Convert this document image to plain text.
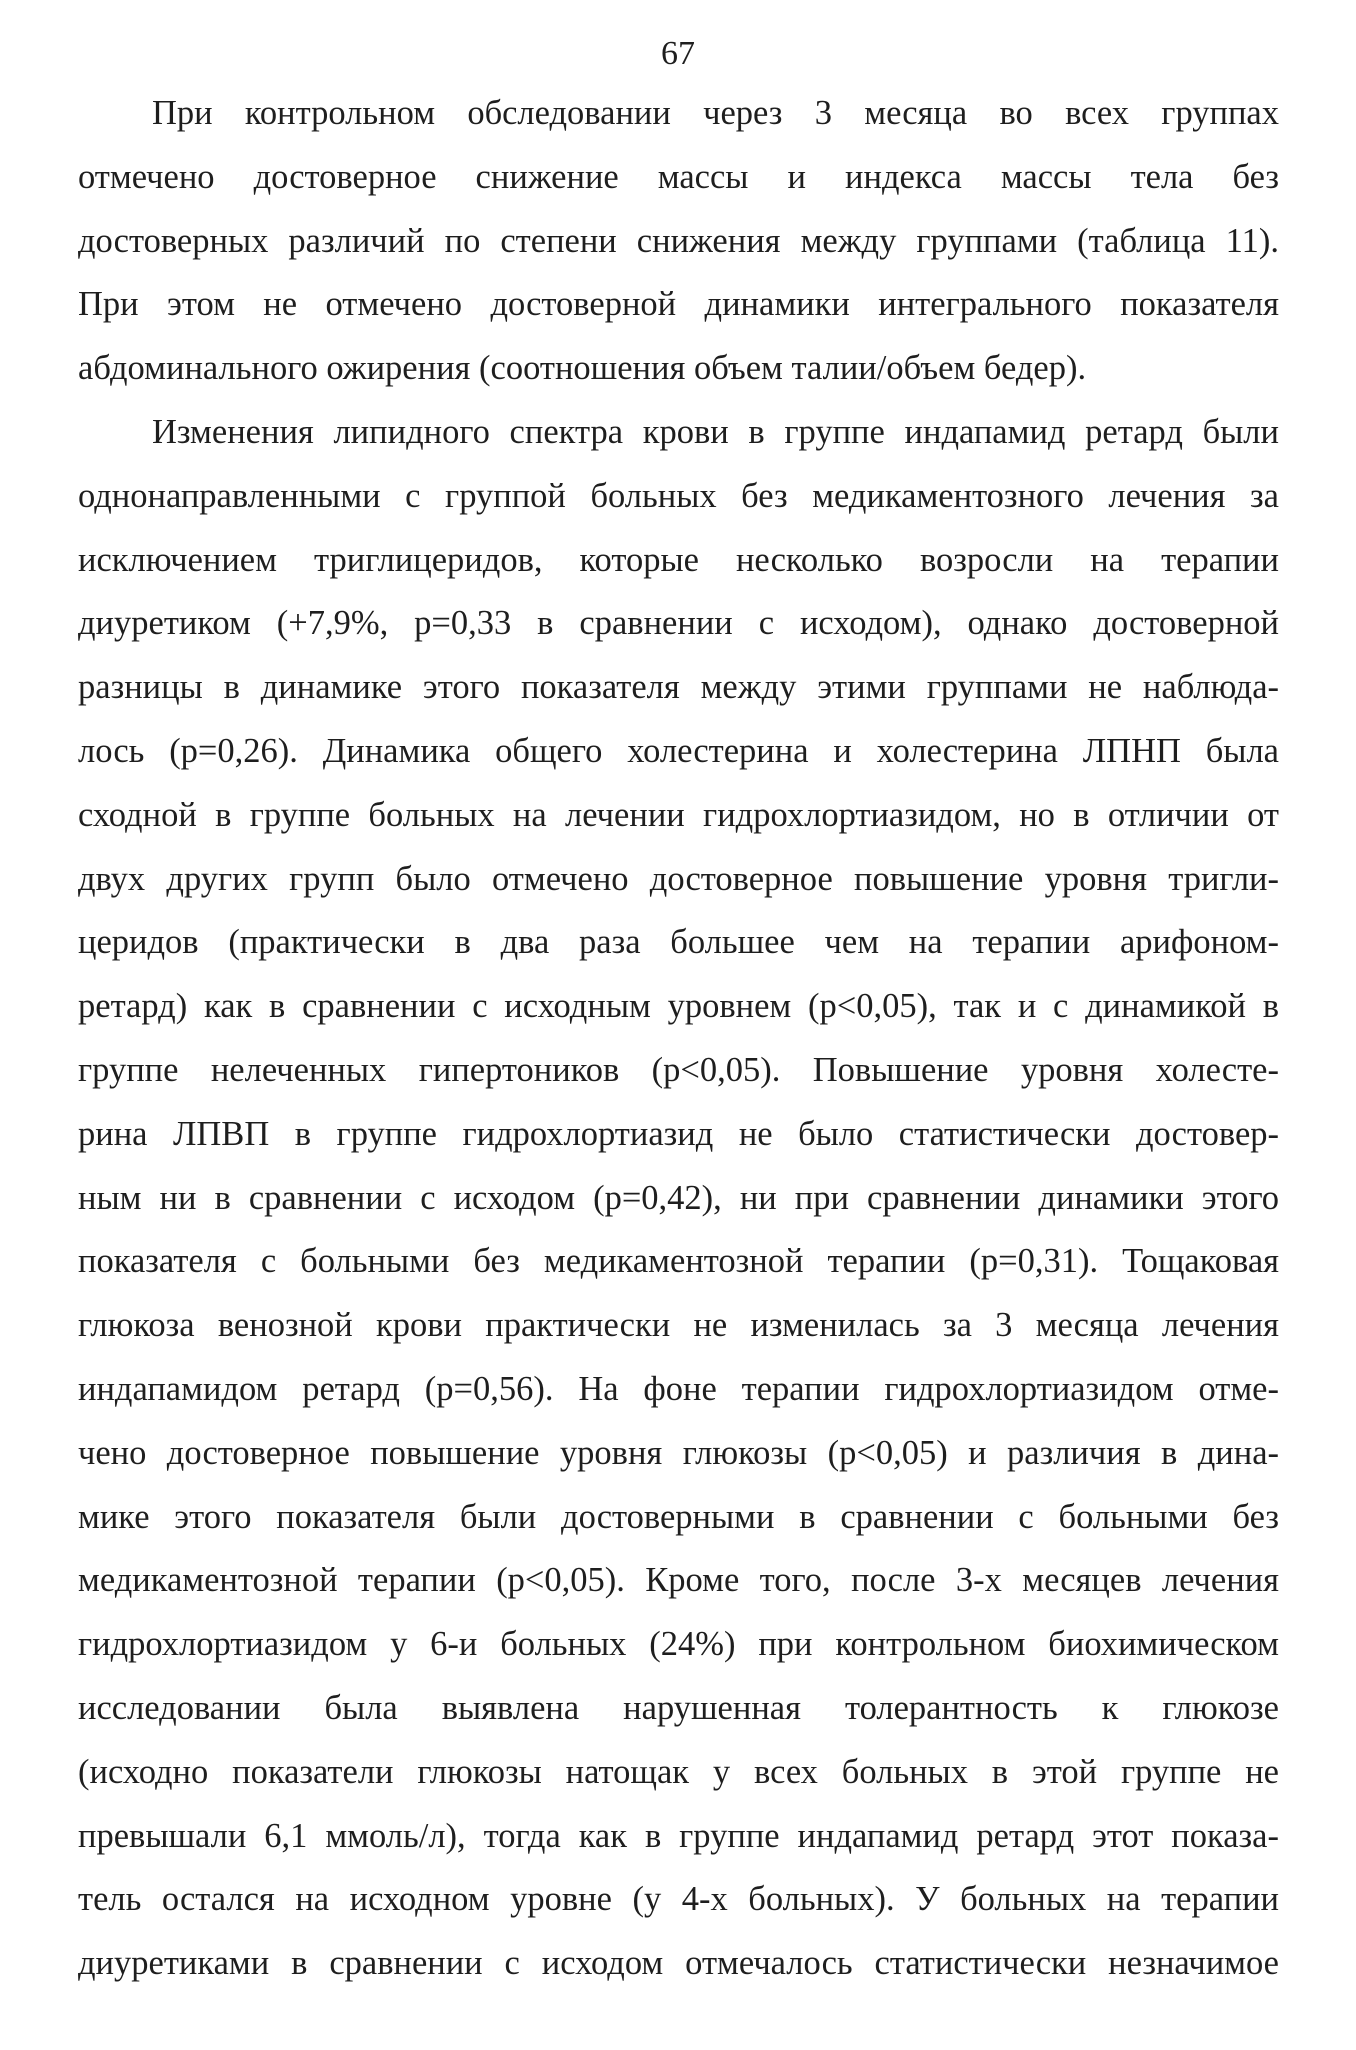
67
При контрольном обследовании через 3 месяца во всех группах
отмечено достоверное снижение массы и индекса массы тела без
достоверных различий по степени снижения между группами (таблица 11).
При этом не отмечено достоверной динамики интегрального показателя
абдоминального ожирения (соотношения объем талии/объем бедер).
Изменения липидного спектра крови в группе индапамид ретард были
однонаправленными с группой больных без медикаментозного лечения за
исключением триглицеридов, которые несколько возросли на терапии
диуретиком (+7,9%, р=0,33 в сравнении с исходом), однако достоверной
разницы в динамике этого показателя между этими группами не наблюда-
лось (р=0,26). Динамика общего холестерина и холестерина ЛПНП была
сходной в группе больных на лечении гидрохлортиазидом, но в отличии от
двух других групп было отмечено достоверное повышение уровня тригли-
церидов (практически в два раза большее чем на терапии арифоном-
ретард) как в сравнении с исходным уровнем (р<0,05), так и с динамикой в
группе нелеченных гипертоников (р<0,05). Повышение уровня холесте-
рина ЛПВП в группе гидрохлортиазид не было статистически достовер-
ным ни в сравнении с исходом (р=0,42), ни при сравнении динамики этого
показателя с больными без медикаментозной терапии (р=0,31). Тощаковая
глюкоза венозной крови практически не изменилась за 3 месяца лечения
индапамидом ретард (р=0,56). На фоне терапии гидрохлортиазидом отме-
чено достоверное повышение уровня глюкозы (р<0,05) и различия в дина-
мике этого показателя были достоверными в сравнении с больными без
медикаментозной терапии (р<0,05). Кроме того, после 3-х месяцев лечения
гидрохлортиазидом у 6-и больных (24%) при контрольном биохимическом
исследовании была выявлена нарушенная толерантность к глюкозе
(исходно показатели глюкозы натощак у всех больных в этой группе не
превышали 6,1 ммоль/л), тогда как в группе индапамид ретард этот показа-
тель остался на исходном уровне (у 4-х больных). У больных на терапии
диуретиками в сравнении с исходом отмечалось статистически незначимое
